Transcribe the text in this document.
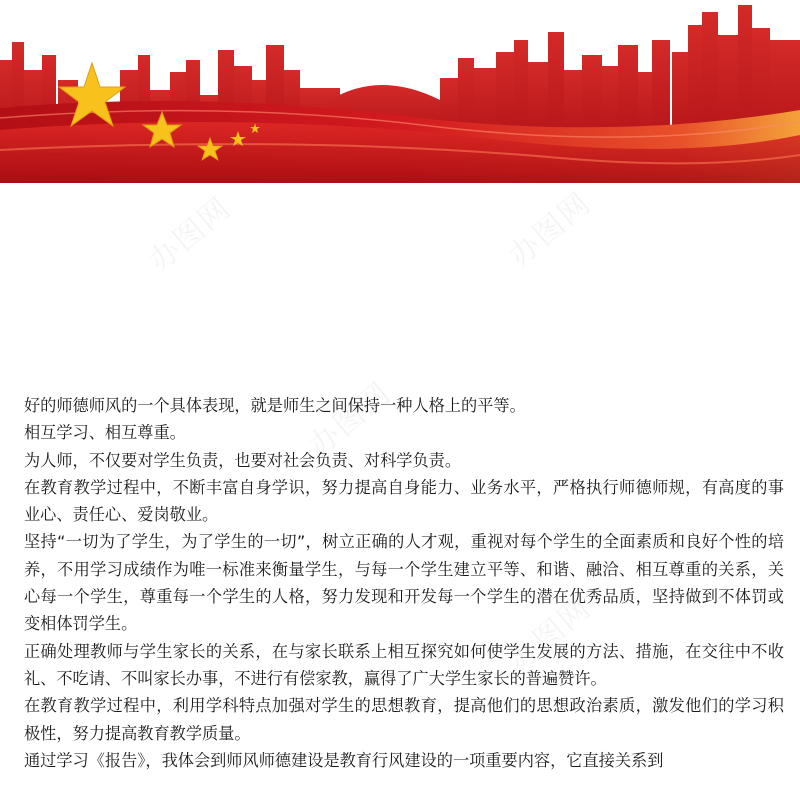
好的师德师风的一个具体表现，就是师生之间保持一种人格上的平等。

相互学习、相互尊重。

为人师，不仅要对学生负责，也要对社会负责、对科学负责。

在教育教学过程中，不断丰富自身学识，努力提高自身能力、业务水平，严格执行师德师规，有高度的事业心、责任心、爱岗敬业。

坚持“一切为了学生，为了学生的一切”，树立正确的人才观，重视对每个学生的全面素质和良好个性的培养，不用学习成绩作为唯一标准来衡量学生，与每一个学生建立平等、和谐、融洽、相互尊重的关系，关心每一个学生，尊重每一个学生的人格，努力发现和开发每一个学生的潜在优秀品质，坚持做到不体罚或变相体罚学生。

正确处理教师与学生家长的关系，在与家长联系上相互探究如何使学生发展的方法、措施，在交往中不收礼、不吃请、不叫家长办事，不进行有偿家教，赢得了广大学生家长的普遍赞许。

在教育教学过程中，利用学科特点加强对学生的思想教育，提高他们的思想政治素质，激发他们的学习积极性，努力提高教育教学质量。

通过学习《报告》，我体会到师风师德建设是教育行风建设的一项重要内容，它直接关系到
